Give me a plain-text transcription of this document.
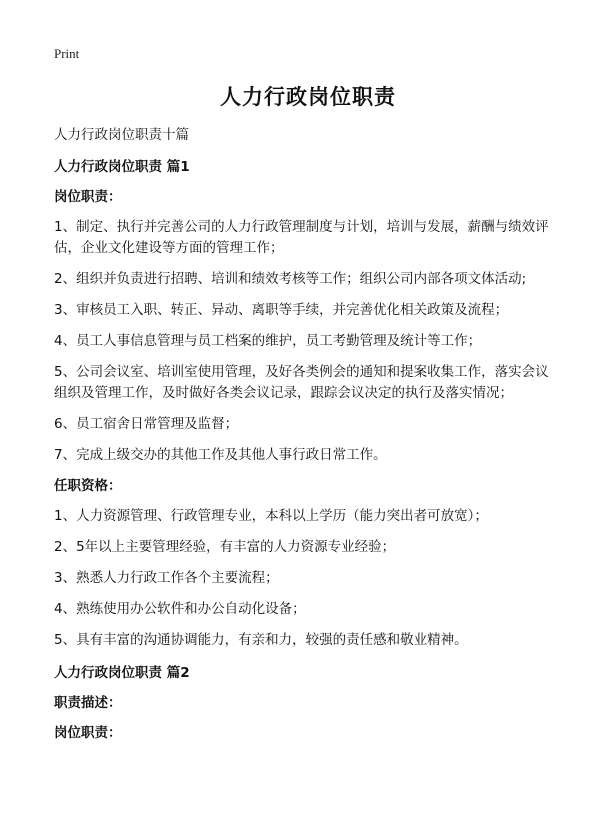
Print

人力行政岗位职责

人力行政岗位职责十篇

人力行政岗位职责 篇1

岗位职责：

1、制定、执行并完善公司的人力行政管理制度与计划，培训与发展，薪酬与绩效评估，企业文化建设等方面的管理工作；

2、组织并负责进行招聘、培训和绩效考核等工作；组织公司内部各项文体活动;

3、审核员工入职、转正、异动、离职等手续，并完善优化相关政策及流程；

4、员工人事信息管理与员工档案的维护，员工考勤管理及统计等工作；

5、公司会议室、培训室使用管理，及好各类例会的通知和提案收集工作，落实会议组织及管理工作，及时做好各类会议记录，跟踪会议决定的执行及落实情况；

6、员工宿舍日常管理及监督；

7、完成上级交办的其他工作及其他人事行政日常工作。

任职资格：

1、人力资源管理、行政管理专业，本科以上学历（能力突出者可放宽）；

2、5年以上主要管理经验，有丰富的人力资源专业经验；

3、熟悉人力行政工作各个主要流程；

4、熟练使用办公软件和办公自动化设备；

5、具有丰富的沟通协调能力，有亲和力，较强的责任感和敬业精神。

人力行政岗位职责 篇2

职责描述：

岗位职责：
